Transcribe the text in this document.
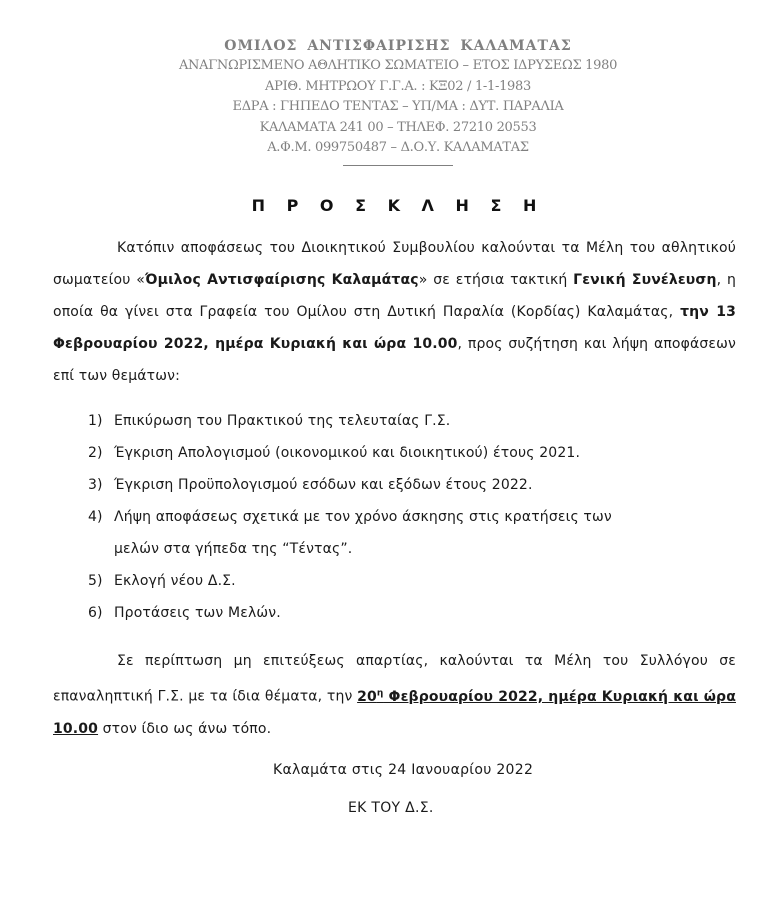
ΟΜΙΛΟΣ ΑΝΤΙΣΦΑΙΡΙΣΗΣ ΚΑΛΑΜΑΤΑΣ
ΑΝΑΓΝΩΡΙΣΜΕΝΟ ΑΘΛΗΤΙΚΟ ΣΩΜΑΤΕΙΟ – ΕΤΟΣ ΙΔΡΥΣΕΩΣ 1980
ΑΡΙΘ. ΜΗΤΡΩΟΥ Γ.Γ.Α. : ΚΞ02 / 1-1-1983
ΕΔΡΑ : ΓΗΠΕΔΟ ΤΕΝΤΑΣ – ΥΠ/ΜΑ : ΔΥΤ. ΠΑΡΑΛΙΑ
ΚΑΛΑΜΑΤΑ 241 00 – ΤΗΛΕΦ. 27210 20553
Α.Φ.Μ. 099750487 – Δ.Ο.Υ. ΚΑΛΑΜΑΤΑΣ
Π Ρ Ο Σ Κ Λ Η Σ Η

Κατόπιν αποφάσεως του Διοικητικού Συμβουλίου καλούνται τα Μέλη του αθλητικού σωματείου «Όμιλος Αντισφαίρισης Καλαμάτας» σε ετήσια τακτική Γενική Συνέλευση, η οποία θα γίνει στα Γραφεία του Ομίλου στη Δυτική Παραλία (Κορδίας) Καλαμάτας, την 13 Φεβρουαρίου 2022, ημέρα Κυριακή και ώρα 10.00, προς συζήτηση και λήψη αποφάσεων επί των θεμάτων:

1) Επικύρωση του Πρακτικού της τελευταίας Γ.Σ.
2) Έγκριση Απολογισμού (οικονομικού και διοικητικού) έτους 2021.
3) Έγκριση Προϋπολογισμού εσόδων και εξόδων έτους 2022.
4) Λήψη αποφάσεως σχετικά με τον χρόνο άσκησης στις κρατήσεις των
μελών στα γήπεδα της “Τέντας”.
5) Εκλογή νέου Δ.Σ.
6) Προτάσεις των Μελών.

Σε περίπτωση μη επιτεύξεως απαρτίας, καλούνται τα Μέλη του Συλλόγου σε επαναληπτική Γ.Σ. με τα ίδια θέματα, την $20^\eta$ Φεβρουαρίου 2022, ημέρα Κυριακή και ώρα 10.00 στον ίδιο ως άνω τόπο.

Καλαμάτα στις 24 Ιανουαρίου 2022
ΕΚ ΤΟΥ Δ.Σ.
